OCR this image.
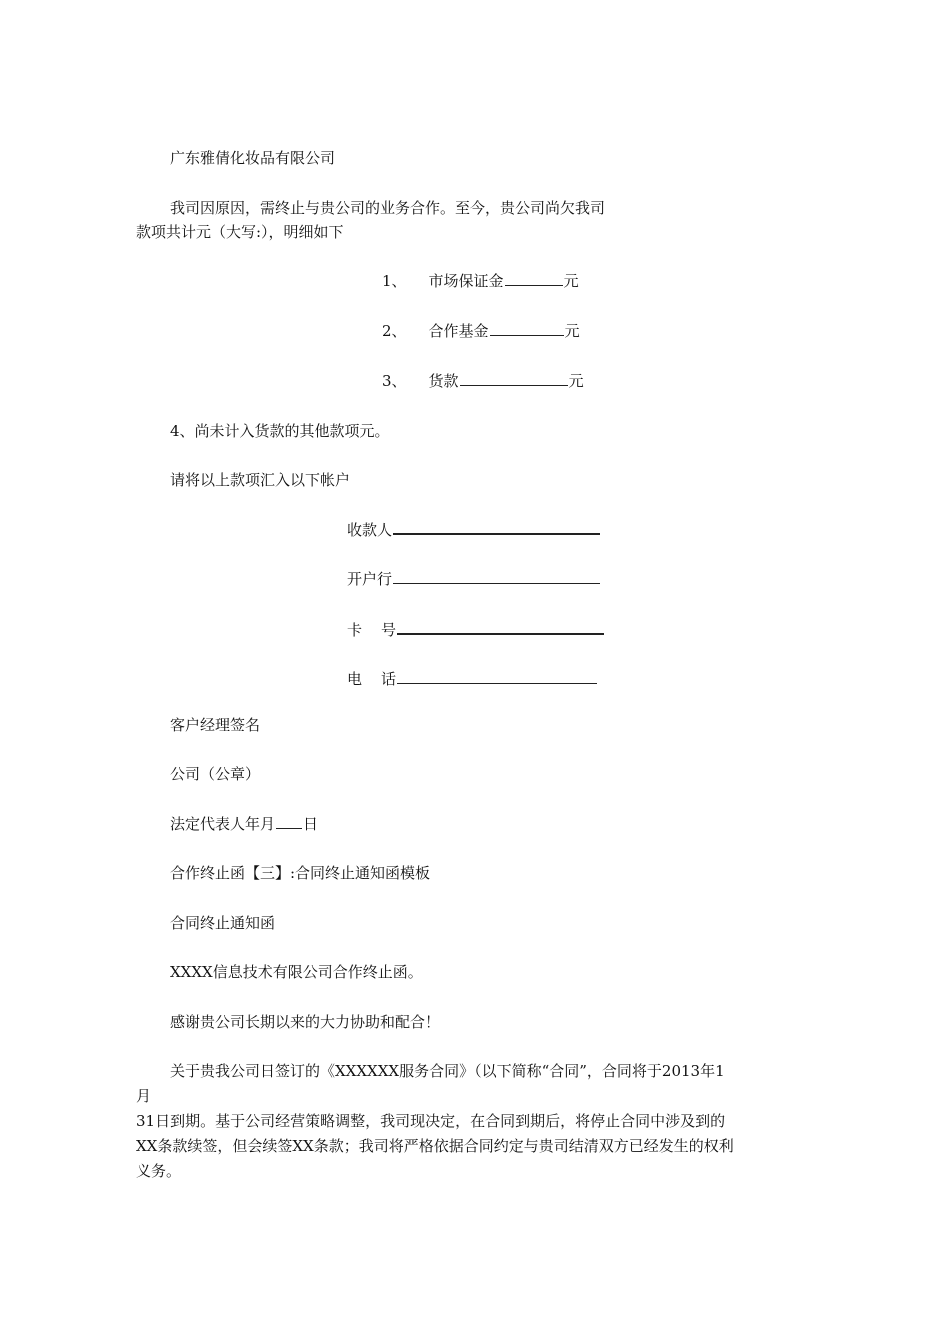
广东雅倩化妆品有限公司
我司因原因，需终止与贵公司的业务合作。至今，贵公司尚欠我司
款项共计元（大写:），明细如下
1、 市场保证金	元
2、 合作基金	元
3、 货款	元
4、尚未计入货款的其他款项元。
请将以上款项汇入以下帐户
收款人
开户行
卡 号
电 话
客户经理签名
公司（公章）
法定代表人年月 日
合作终止函【三】:合同终止通知函模板
合同终止通知函
XXXX信息技术有限公司合作终止函。
感谢贵公司长期以来的大力协助和配合！
关于贵我公司日签订的《XXXXXX服务合同》（以下简称“合同”，合同将于2013年1
月
31日到期。基于公司经营策略调整，我司现决定，在合同到期后，将停止合同中涉及到的
XX条款续签，但会续签XX条款；我司将严格依据合同约定与贵司结清双方已经发生的权利
义务。
